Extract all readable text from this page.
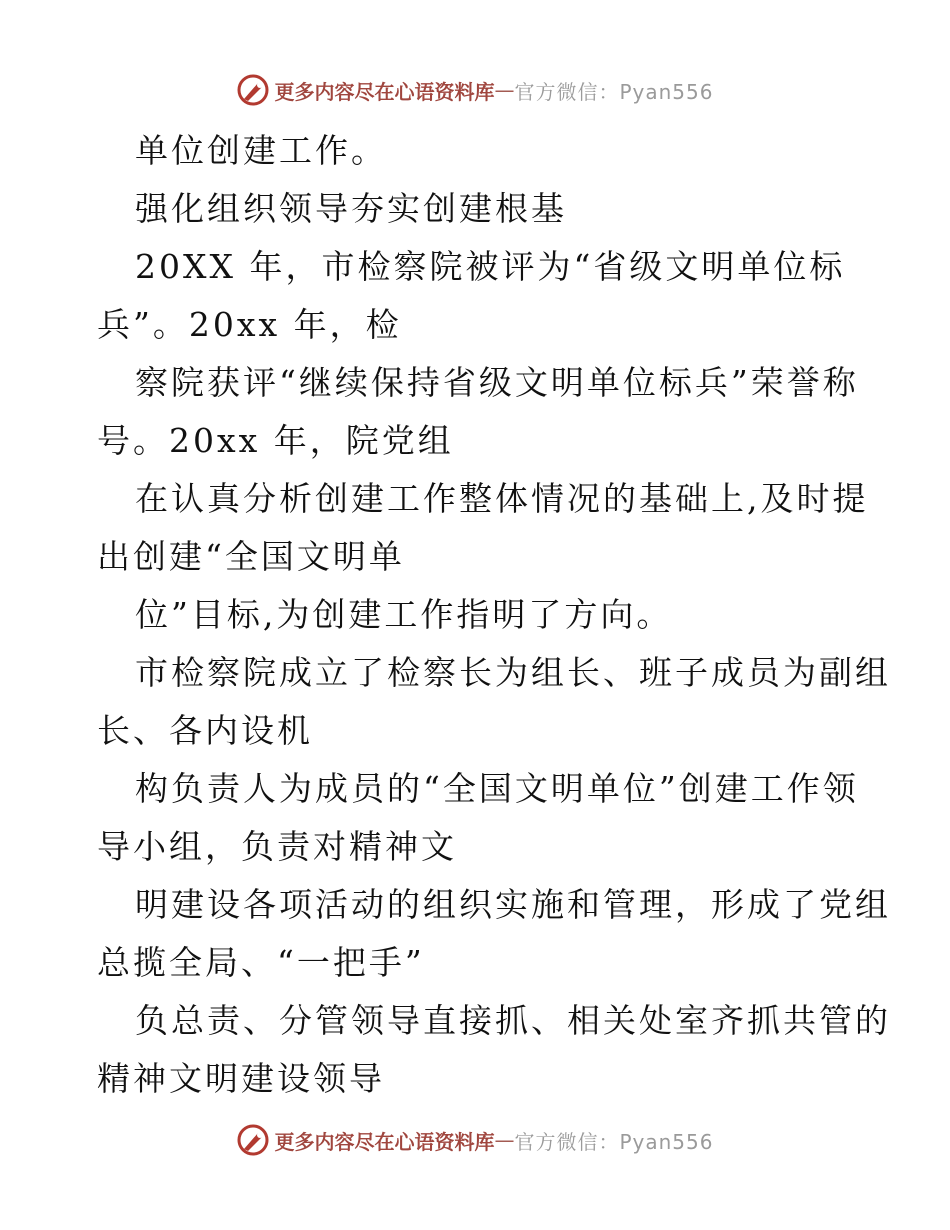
更多内容尽在心语资料库 — 官方微信：Pyan556
单位创建工作。
强化组织领导夯实创建根基
20XX 年，市检察院被评为“省级文明单位标
兵”。20xx 年，检
察院获评“继续保持省级文明单位标兵”荣誉称
号。20xx 年，院党组
在认真分析创建工作整体情况的基础上,及时提
出创建“全国文明单
位”目标,为创建工作指明了方向。
市检察院成立了检察长为组长、班子成员为副组
长、各内设机
构负责人为成员的“全国文明单位”创建工作领
导小组，负责对精神文
明建设各项活动的组织实施和管理，形成了党组
总揽全局、“一把手”
负总责、分管领导直接抓、相关处室齐抓共管的
精神文明建设领导
更多内容尽在心语资料库 — 官方微信：Pyan556
